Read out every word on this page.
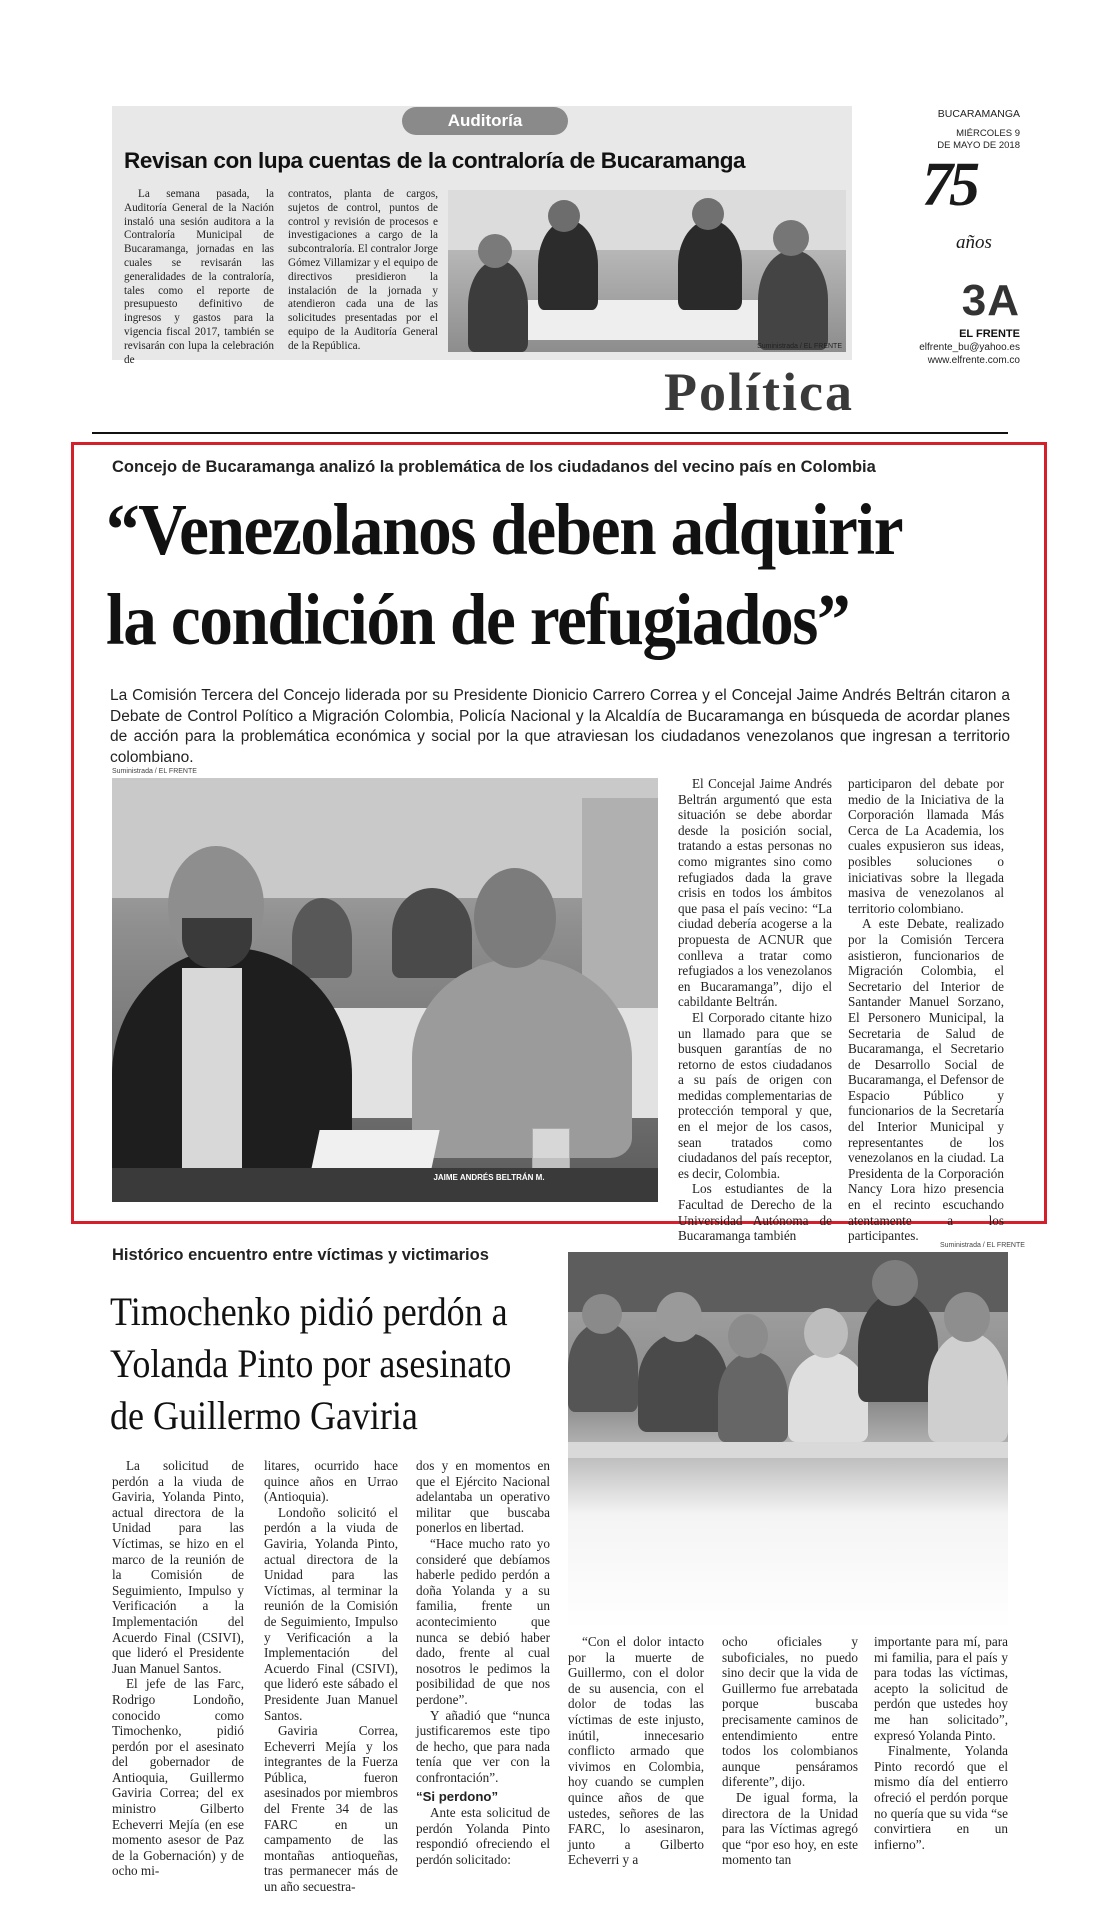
BUCARAMANGA
MIÉRCOLES 9
DE MAYO DE 2018
75
años
3A
EL FRENTE
elfrente_bu@yahoo.es
www.elfrente.com.co
Auditoría
Revisan con lupa cuentas de la contraloría de Bucaramanga

La semana pasada, la Auditoría General de la Nación instaló una sesión auditora a la Contraloría Municipal de Bucaramanga, jornadas en las cuales se revisarán las generalidades de la contraloría, tales como el reporte de presupuesto definitivo de ingresos y gastos para la vigencia fiscal 2017, también se revisarán con lupa la celebración de

contratos, planta de cargos, sujetos de control, puntos de control y revisión de procesos e investigaciones a cargo de la subcontraloría. El contralor Jorge Gómez Villamizar y el equipo de directivos presidieron la instalación de la jornada y atendieron cada una de las solicitudes presentadas por el equipo de la Auditoría General de la República.	Suministrada / EL FRENTE
Política
Concejo de Bucaramanga analizó la problemática de los ciudadanos del vecino país en Colombia
“Venezolanos deben adquirir
la condición de refugiados”
La Comisión Tercera del Concejo liderada por su Presidente Dionicio Carrero Correa y el Concejal Jaime Andrés Beltrán citaron a Debate de Control Político a Migración Colombia, Policía Nacional y la Alcaldía de Bucaramanga en búsqueda de acordar planes de acción para la problemática económica y social por la que atraviesan los ciudadanos venezolanos que ingresan a territorio colombiano.
Suministrada / EL FRENTE
JAIME ANDRÉS BELTRÁN M.

El Concejal Jaime Andrés Beltrán argumentó que esta situación se debe abordar desde la posición social, tratando a estas personas no como migrantes sino como refugiados dada la grave crisis en todos los ámbitos que pasa el país vecino: “La ciudad debería acogerse a la propuesta de ACNUR que conlleva a tratar como refugiados a los venezolanos en Bucaramanga”, dijo el cabildante Beltrán.

El Corporado citante hizo un llamado para que se busquen garantías de no retorno de estos ciudadanos a su país de origen con medidas complementarias de protección temporal y que, en el mejor de los casos, sean tratados como ciudadanos del país receptor, es decir, Colombia.

Los estudiantes de la Facultad de Derecho de la Universidad Autónoma de Bucaramanga también

participaron del debate por medio de la Iniciativa de la Corporación llamada Más Cerca de La Academia, los cuales expusieron sus ideas, posibles soluciones o iniciativas sobre la llegada masiva de venezolanos al territorio colombiano.

A este Debate, realizado por la Comisión Tercera asistieron, funcionarios de Migración Colombia, el Secretario del Interior de Santander Manuel Sorzano, El Personero Municipal, la Secretaria de Salud de Bucaramanga, el Secretario de Desarrollo Social de Bucaramanga, el Defensor de Espacio Público y funcionarios de la Secretaría del Interior Municipal y representantes de los venezolanos en la ciudad. La Presidenta de la Corporación Nancy Lora hizo presencia en el recinto escuchando atentamente a los participantes.

Histórico encuentro entre víctimas y victimarios
Timochenko pidió perdón a
Yolanda Pinto por asesinato
de Guillermo Gaviria
Suministrada / EL FRENTE

La solicitud de perdón a la viuda de Gaviria, Yolanda Pinto, actual directora de la Unidad para las Víctimas, se hizo en el marco de la reunión de la Comisión de Seguimiento, Impulso y Verificación a la Implementación del Acuerdo Final (CSIVI), que lideró el Presidente Juan Manuel Santos.

El jefe de las Farc, Rodrigo Londoño, conocido como Timochenko, pidió perdón por el asesinato del gobernador de Antioquia, Guillermo Gaviria Correa; del ex ministro Gilberto Echeverri Mejía (en ese momento asesor de Paz de la Gobernación) y de ocho mi-

litares, ocurrido hace quince años en Urrao (Antioquia).

Londoño solicitó el perdón a la viuda de Gaviria, Yolanda Pinto, actual directora de la Unidad para las Víctimas, al terminar la reunión de la Comisión de Seguimiento, Impulso y Verificación a la Implementación del Acuerdo Final (CSIVI), que lideró este sábado el Presidente Juan Manuel Santos.

Gaviria Correa, Echeverri Mejía y los integrantes de la Fuerza Pública, fueron asesinados por miembros del Frente 34 de las FARC en un campamento de las montañas antioqueñas, tras permanecer más de un año secuestra-

dos y en momentos en que el Ejército Nacional adelantaba un operativo militar que buscaba ponerlos en libertad.

“Hace mucho rato yo consideré que debíamos haberle pedido perdón a doña Yolanda y a su familia, frente un acontecimiento que nunca se debió haber dado, frente al cual nosotros le pedimos la posibilidad de que nos perdone”.

Y añadió que “nunca justificaremos este tipo de hecho, que para nada tenía que ver con la confrontación”.

“Si perdono”

Ante esta solicitud de perdón Yolanda Pinto respondió ofreciendo el perdón solicitado:

“Con el dolor intacto por la muerte de Guillermo, con el dolor de su ausencia, con el dolor de todas las víctimas de este injusto, inútil, innecesario conflicto armado que vivimos en Colombia, hoy cuando se cumplen quince años de que ustedes, señores de las FARC, lo asesinaron, junto a Gilberto Echeverri y a

ocho oficiales y suboficiales, no puedo sino decir que la vida de Guillermo fue arrebatada porque buscaba precisamente caminos de entendimiento entre todos los colombianos aunque pensáramos diferente”, dijo.

De igual forma, la directora de la Unidad para las Víctimas agregó que “por eso hoy, en este momento tan

importante para mí, para mi familia, para el país y para todas las víctimas, acepto la solicitud de perdón que ustedes hoy me han solicitado”, expresó Yolanda Pinto.

Finalmente, Yolanda Pinto recordó que el mismo día del entierro ofreció el perdón porque no quería que su vida “se convirtiera en un infierno”.
